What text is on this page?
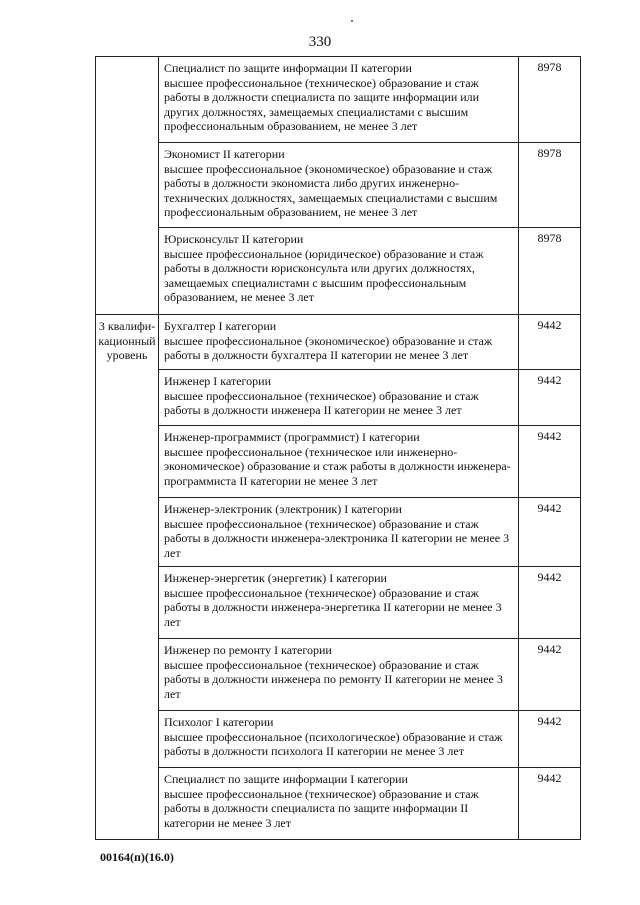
330

	Специалист по защите информации II категории
высшее профессиональное (техническое) образование и стаж работы в должности специалиста по защите информации или других должностях, замещаемых специалистами с высшим профессиональным образованием, не менее 3 лет	8978

	Экономист II категории
высшее профессиональное (экономическое) образование и стаж работы в должности экономиста либо других инженерно-технических должностях, замещаемых специалистами с высшим профессиональным образованием, не менее 3 лет	8978

	Юрисконсульт II категории
высшее профессиональное (юридическое) образование и стаж работы в должности юрисконсульта или других должностях, замещаемых специалистами с высшим профессиональным образованием, не менее 3 лет	8978
3 квалифи-кационный уровень	Бухгалтер I категории
высшее профессиональное (экономическое) образование и стаж работы в должности бухгалтера II категории не менее 3 лет	9442

	Инженер I категории
высшее профессиональное (техническое) образование и стаж работы в должности инженера II категории не менее 3 лет	9442

	Инженер-программист (программист) I категории
высшее профессиональное (техническое или инженерно-экономическое) образование и стаж работы в должности инженера-программиста II категории не менее 3 лет	9442

	Инженер-электроник (электроник) I категории
высшее профессиональное (техническое) образование и стаж работы в должности инженера-электроника II категории не менее 3 лет	9442

	Инженер-энергетик (энергетик) I категории
высшее профессиональное (техническое) образование и стаж работы в должности инженера-энергетика II категории не менее 3 лет	9442

	Инженер по ремонту I категории
высшее профессиональное (техническое) образование и стаж работы в должности инженера по ремонту II категории не менее 3 лет	9442

	Психолог I категории
высшее профессиональное (психологическое) образование и стаж работы в должности психолога II категории не менее 3 лет	9442

	Специалист по защите информации I категории
высшее профессиональное (техническое) образование и стаж работы в должности специалиста по защите информации II категории не менее 3 лет	9442
00164(п)(16.0)
